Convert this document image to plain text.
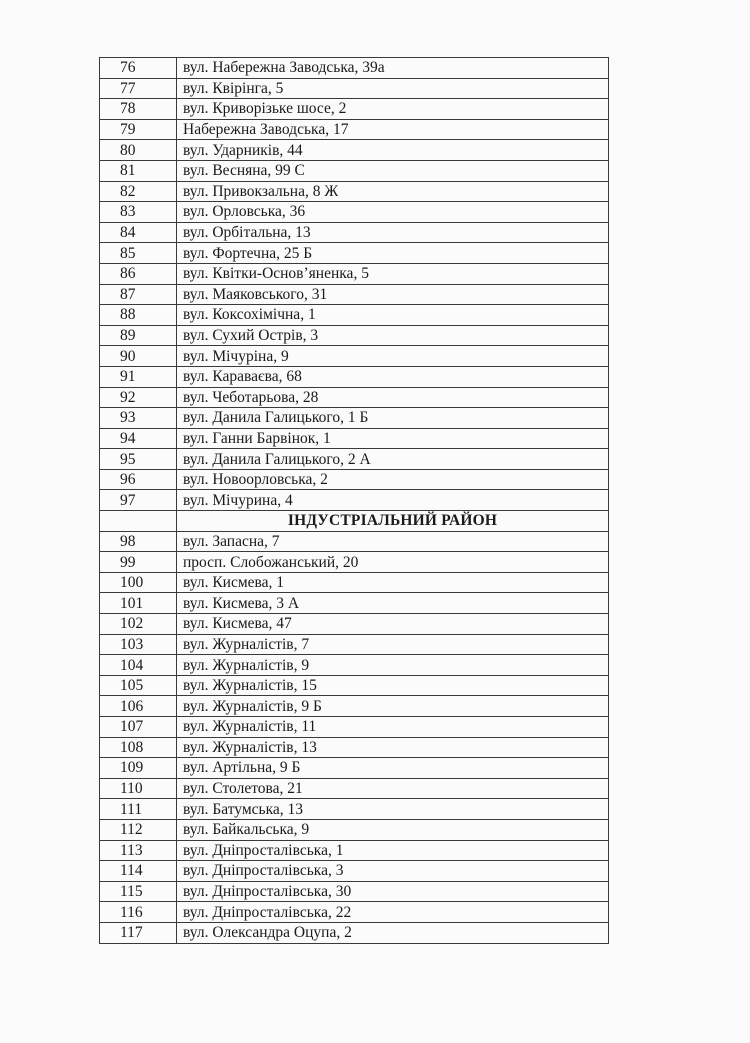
76	вул. Набережна Заводська, 39а
77	вул. Квірінга, 5
78	вул. Криворізьке шосе, 2
79	Набережна Заводська, 17
80	вул. Ударників, 44
81	вул. Весняна, 99 С
82	вул. Привокзальна, 8 Ж
83	вул. Орловська, 36
84	вул. Орбітальна, 13
85	вул. Фортечна, 25 Б
86	вул. Квітки-Основ’яненка, 5
87	вул. Маяковського, 31
88	вул. Коксохімічна, 1
89	вул. Сухий Острів, 3
90	вул. Мічуріна, 9
91	вул. Караваєва, 68
92	вул. Чеботарьова, 28
93	вул. Данила Галицького, 1 Б
94	вул. Ганни Барвінок, 1
95	вул. Данила Галицького, 2 А
96	вул. Новоорловська, 2
97	вул. Мічурина, 4
	ІНДУСТРІАЛЬНИЙ РАЙОН
98	вул. Запасна, 7
99	просп. Слобожанський, 20
100	вул. Кисмева, 1
101	вул. Кисмева, 3 А
102	вул. Кисмева, 47
103	вул. Журналістів, 7
104	вул. Журналістів, 9
105	вул. Журналістів, 15
106	вул. Журналістів, 9 Б
107	вул. Журналістів, 11
108	вул. Журналістів, 13
109	вул. Артільна, 9 Б
110	вул. Столетова, 21
111	вул. Батумська, 13
112	вул. Байкальська, 9
113	вул. Дніпросталівська, 1
114	вул. Дніпросталівська, 3
115	вул. Дніпросталівська, 30
116	вул. Дніпросталівська, 22
117	вул. Олександра Оцупа, 2
